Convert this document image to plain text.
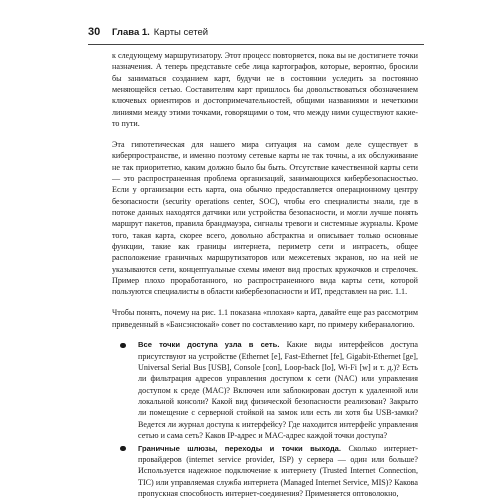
30	Глава 1. Карты сетей

к следующему маршрутизатору. Этот процесс повторяется, пока вы не достигнете точки назначения. А теперь представьте себе лица картографов, которые, вероятно, бросили бы заниматься созданием карт, будучи не в состоянии уследить за постоянно меняющейся сетью. Составителям карт пришлось бы довольствоваться обозначением ключевых ориентиров и достопримечательностей, общими названиями и нечеткими линиями между этими точками, говорящими о том, что между ними существуют какие-то пути.

Эта гипотетическая для нашего мира ситуация на самом деле существует в киберпространстве, и именно поэтому сетевые карты не так точны, а их обслуживание не так приоритетно, каким должно было бы быть. Отсутствие качественной карты сети — это распространенная проблема организаций, занимающихся кибербезопасностью. Если у организации есть карта, она обычно предоставляется операционному центру безопасности (security operations center, SOC), чтобы его специалисты знали, где в потоке данных находятся датчики или устройства безопасности, и могли лучше понять маршрут пакетов, правила брандмауэра, сигналы тревоги и системные журналы. Кроме того, такая карта, скорее всего, довольно абстрактна и описывает только основные функции, такие как границы интернета, периметр сети и интрасеть, общее расположение граничных маршрутизаторов или межсетевых экранов, но на ней не указываются сети, концептуальные схемы имеют вид простых кружочков и стрелочек. Пример плохо проработанного, но распространенного вида карты сети, которой пользуются специалисты в области кибербезопасности и ИТ, представлен на рис. 1.1.

Чтобы понять, почему на рис. 1.1 показана «плохая» карта, давайте еще раз рассмотрим приведенный в «Бансэнсюкай» совет по составлению карт, по примеру кибераналогию.

Все точки доступа узла в сеть. Какие виды интерфейсов доступа присутствуют на устройстве (Ethernet [e], Fast-Ethernet [fe], Gigabit-Ethernet [ge], Universal Serial Bus [USB], Console [con], Loop-back [lo], Wi-Fi [w] и т. д.)? Есть ли фильтрация адресов управления доступом к сети (NAC) или управления доступом к среде (MAC)? Включен или заблокирован доступ к удаленной или локальной консоли? Какой вид физической безопасности реализован? Закрыто ли помещение с серверной стойкой на замок или есть ли хотя бы USB-замки? Ведется ли журнал доступа к интерфейсу? Где находится интерфейс управления сетью и сама сеть? Каков IP-адрес и MAC-адрес каждой точки доступа?
Граничные шлюзы, переходы и точки выхода. Сколько интернет-провайдеров (internet service provider, ISP) у сервера — один или больше? Используется надежное подключение к интернету (Trusted Internet Connection, TIC) или управляемая служба интернета (Managed Internet Service, MIS)? Какова пропускная способность интернет-соединения? Применяется оптоволокно,
